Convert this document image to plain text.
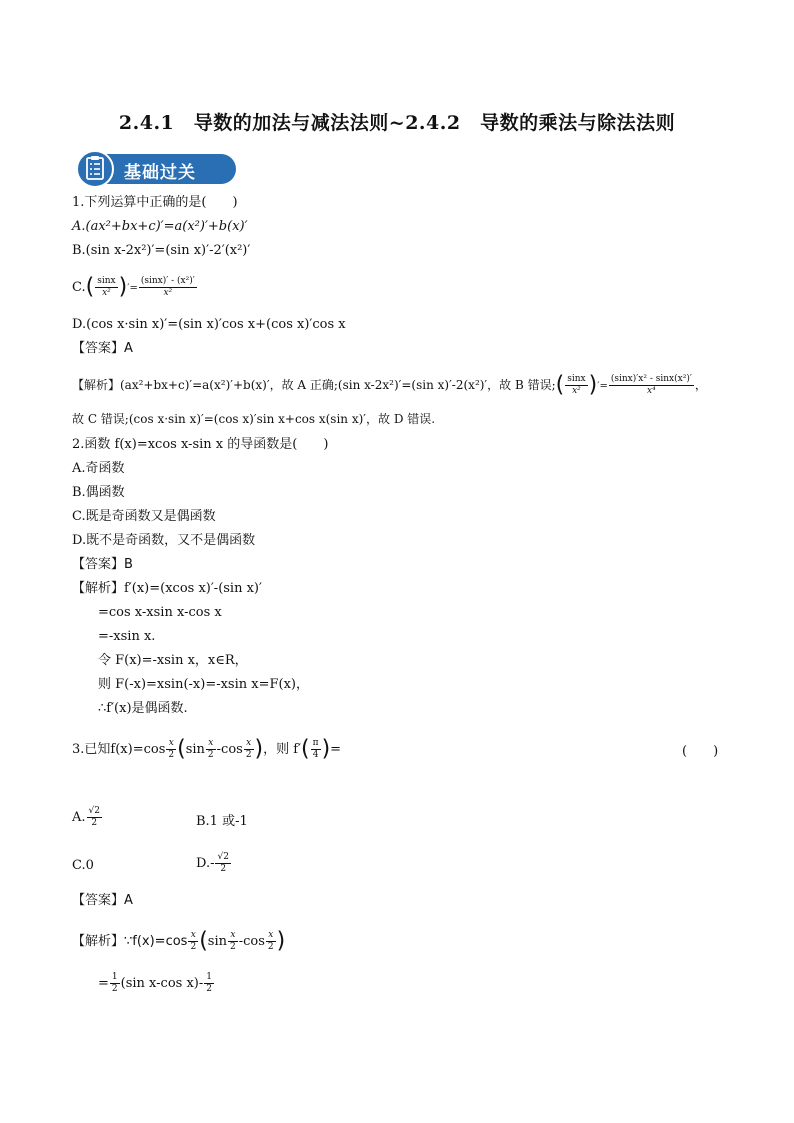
2.4.1　导数的加法与减法法则~2.4.2　导数的乘法与除法法则
基础过关
1.下列运算中正确的是(　　)
A.(ax²+bx+c)′=a(x²)′+b(x)′
B.(sin x-2x²)′=(sin x)′-2′(x²)′
$C.( \frac{\sin x}{\text{x²}}$ )′= $\frac{\text{(sinx)′ - (x²)′}}{\text{x²}}$
D.(cos x·sin x)′=(sin x)′cos x+(cos x)′cos x
【答案】A
【解析】(ax²+bx+c)′=a(x²)′+b(x)′，故 A 正确;(sin x-2x²)′=(sin x)′-2(x²)′，故 B 错误;( $\frac{\sin x}{\text{x²}}$ )′= $\frac{\text{(sinx)′x² - sinx(x²)′}}{\text{x⁴}}$ ，
故 C 错误;(cos x·sin x)′=(cos x)′sin x+cos x(sin x)′，故 D 错误.
2.函数 f(x)=xcos x-sin x 的导函数是(　　)
A.奇函数
B.偶函数
C.既是奇函数又是偶函数
D.既不是奇函数，又不是偶函数
【答案】B
【解析】f′(x)=(xcos x)′-(sin x)′
=cos x-xsin x-cos x
=-xsin x.
令 F(x)=-xsin x，x∈R，
则 F(-x)=xsin(-x)=-xsin x=F(x)，
∴f′(x)是偶函数.
3.已知$f(x)=\cos \frac{x}{2} (\sin \frac{x}{2} -\cos \frac{x}{2}$ )，则 $f'( \frac{\pi}{4}$ )=	(　　)
A. $\frac{√2}{2}$	B.1 或-1
C.0	$D.- \frac{√2}{2}$
【答案】A
【解析】∵f(x)=cos $\frac{x}{2} (\sin \frac{x}{2} -\cos \frac{x}{2}$ )
= $\frac{1}{2} (\sin$ x-cos $x)- \frac{1}{2}$
